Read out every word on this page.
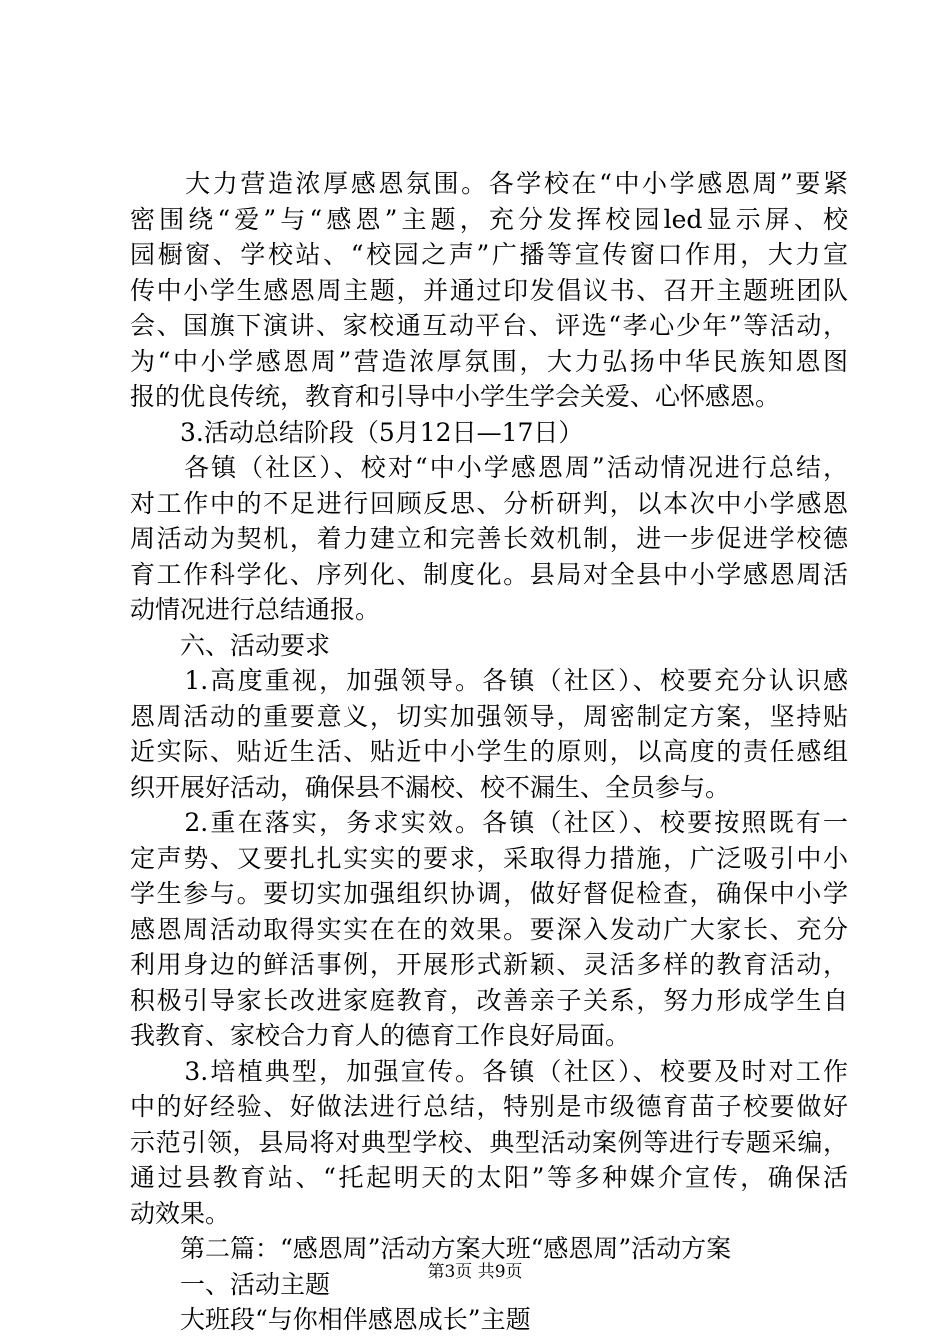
　　大力营造浓厚感恩氛围。各学校在“中小学感恩周”要紧
密围绕“爱”与“感恩”主题，充分发挥校园led显示屏、校
园橱窗、学校站、“校园之声”广播等宣传窗口作用，大力宣
传中小学生感恩周主题，并通过印发倡议书、召开主题班团队
会、国旗下演讲、家校通互动平台、评选“孝心少年”等活动，
为“中小学感恩周”营造浓厚氛围，大力弘扬中华民族知恩图
报的优良传统，教育和引导中小学生学会关爱、心怀感恩。
　　3.活动总结阶段（5月12日—17日）
　　各镇（社区）、校对“中小学感恩周”活动情况进行总结，
对工作中的不足进行回顾反思、分析研判，以本次中小学感恩
周活动为契机，着力建立和完善长效机制，进一步促进学校德
育工作科学化、序列化、制度化。县局对全县中小学感恩周活
动情况进行总结通报。
　　六、活动要求
　　1.高度重视，加强领导。各镇（社区）、校要充分认识感
恩周活动的重要意义，切实加强领导，周密制定方案，坚持贴
近实际、贴近生活、贴近中小学生的原则，以高度的责任感组
织开展好活动，确保县不漏校、校不漏生、全员参与。
　　2.重在落实，务求实效。各镇（社区）、校要按照既有一
定声势、又要扎扎实实的要求，采取得力措施，广泛吸引中小
学生参与。要切实加强组织协调，做好督促检查，确保中小学
感恩周活动取得实实在在的效果。要深入发动广大家长、充分
利用身边的鲜活事例，开展形式新颖、灵活多样的教育活动，
积极引导家长改进家庭教育，改善亲子关系，努力形成学生自
我教育、家校合力育人的德育工作良好局面。
　　3.培植典型，加强宣传。各镇（社区）、校要及时对工作
中的好经验、好做法进行总结，特别是市级德育苗子校要做好
示范引领，县局将对典型学校、典型活动案例等进行专题采编，
通过县教育站、“托起明天的太阳”等多种媒介宣传，确保活
动效果。
　　第二篇：“感恩周”活动方案大班“感恩周”活动方案
　　一、活动主题
　　大班段“与你相伴感恩成长”主题
第3页 共9页
